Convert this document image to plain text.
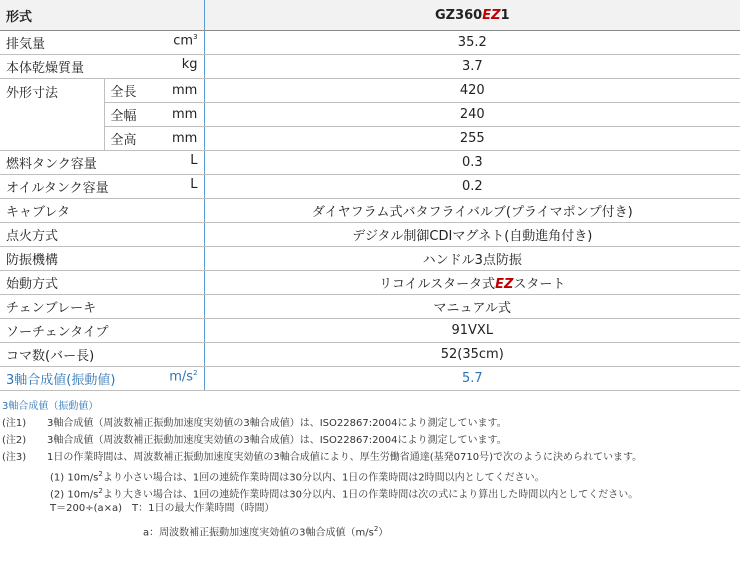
形式			GZ360EZ1

排気量 $cm^3$			35.2

本体乾燥質量 kg			3.7
外形寸法	全長	mm	420
	全幅	mm	240
	全高	mm	255

燃料タンク容量 L			0.3

オイルタンク容量 L			0.2
キャブレタ			ダイヤフラム式バタフライバルブ(プライマポンプ付き)
点火方式			デジタル制御CDIマグネト(自動進角付き)
防振機構			ハンドル3点防振
始動方式			リコイルスタータ式EZスタート
チェンブレーキ			マニュアル式
ソーチェンタイプ			91VXL
コマ数(バー長)			52(35cm)

3軸合成値(振動値) $m/s^2$			5.7
3軸合成値（振動値）
(注1) 3軸合成値（周波数補正振動加速度実効値の3軸合成値）は、ISO22867:2004により測定しています。
(注2) 3軸合成値（周波数補正振動加速度実効値の3軸合成値）は、ISO22867:2004により測定しています。
(注3) 1日の作業時間は、周波数補正振動加速度実効値の3軸合成値により、厚生労働省通達(基発0710号)で次のように決められています。
(1) $10m/s^2$より小さい場合は、1回の連続作業時間は30分以内、1日の作業時間は2時間以内としてください。
(2) $10m/s^2$より大きい場合は、1回の連続作業時間は30分以内、1日の作業時間は次の式により算出した時間以内としてください。
T＝200÷(a×a)　T：1日の最大作業時間（時間）
a：周波数補正振動加速度実効値の3軸合成値$(m/s^2)$
